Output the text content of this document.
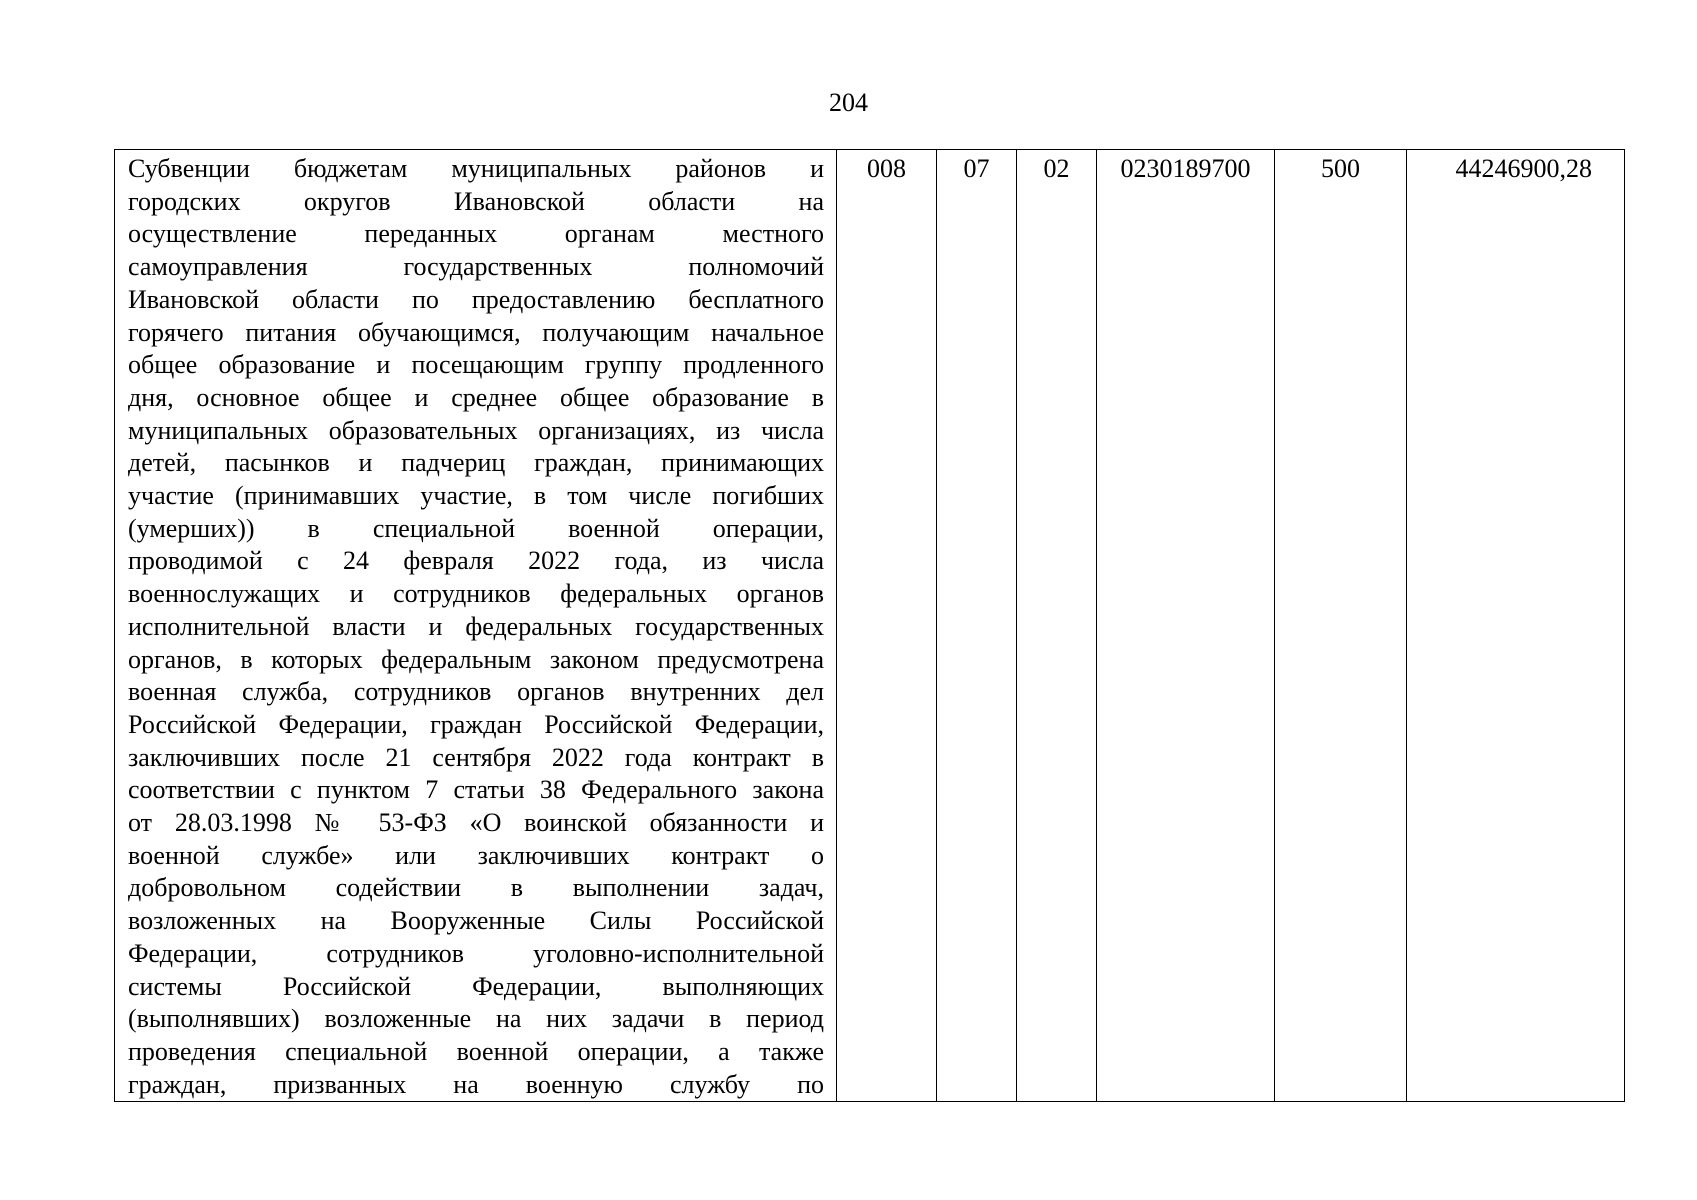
204
Субвенции бюджетам муниципальных районов и
городских округов Ивановской области на
осуществление переданных органам местного
самоуправления государственных полномочий
Ивановской области по предоставлению бесплатного
горячего питания обучающимся, получающим начальное
общее образование и посещающим группу продленного
дня, основное общее и среднее общее образование в
муниципальных образовательных организациях, из числа
детей, пасынков и падчериц граждан, принимающих
участие (принимавших участие, в том числе погибших
(умерших)) в специальной военной операции,
проводимой с 24 февраля 2022 года, из числа
военнослужащих и сотрудников федеральных органов
исполнительной власти и федеральных государственных
органов, в которых федеральным законом предусмотрена
военная служба, сотрудников органов внутренних дел
Российской Федерации, граждан Российской Федерации,
заключивших после 21 сентября 2022 года контракт в
соответствии с пунктом 7 статьи 38 Федерального закона
от 28.03.1998 № 53-ФЗ «О воинской обязанности и
военной службе» или заключивших контракт о
добровольном содействии в выполнении задач,
возложенных на Вооруженные Силы Российской
Федерации, сотрудников уголовно-исполнительной
системы Российской Федерации, выполняющих
(выполнявших) возложенные на них задачи в период
проведения специальной военной операции, а также
граждан, призванных на военную службу по
	008	07	02	0230189700	500	44246900,28
